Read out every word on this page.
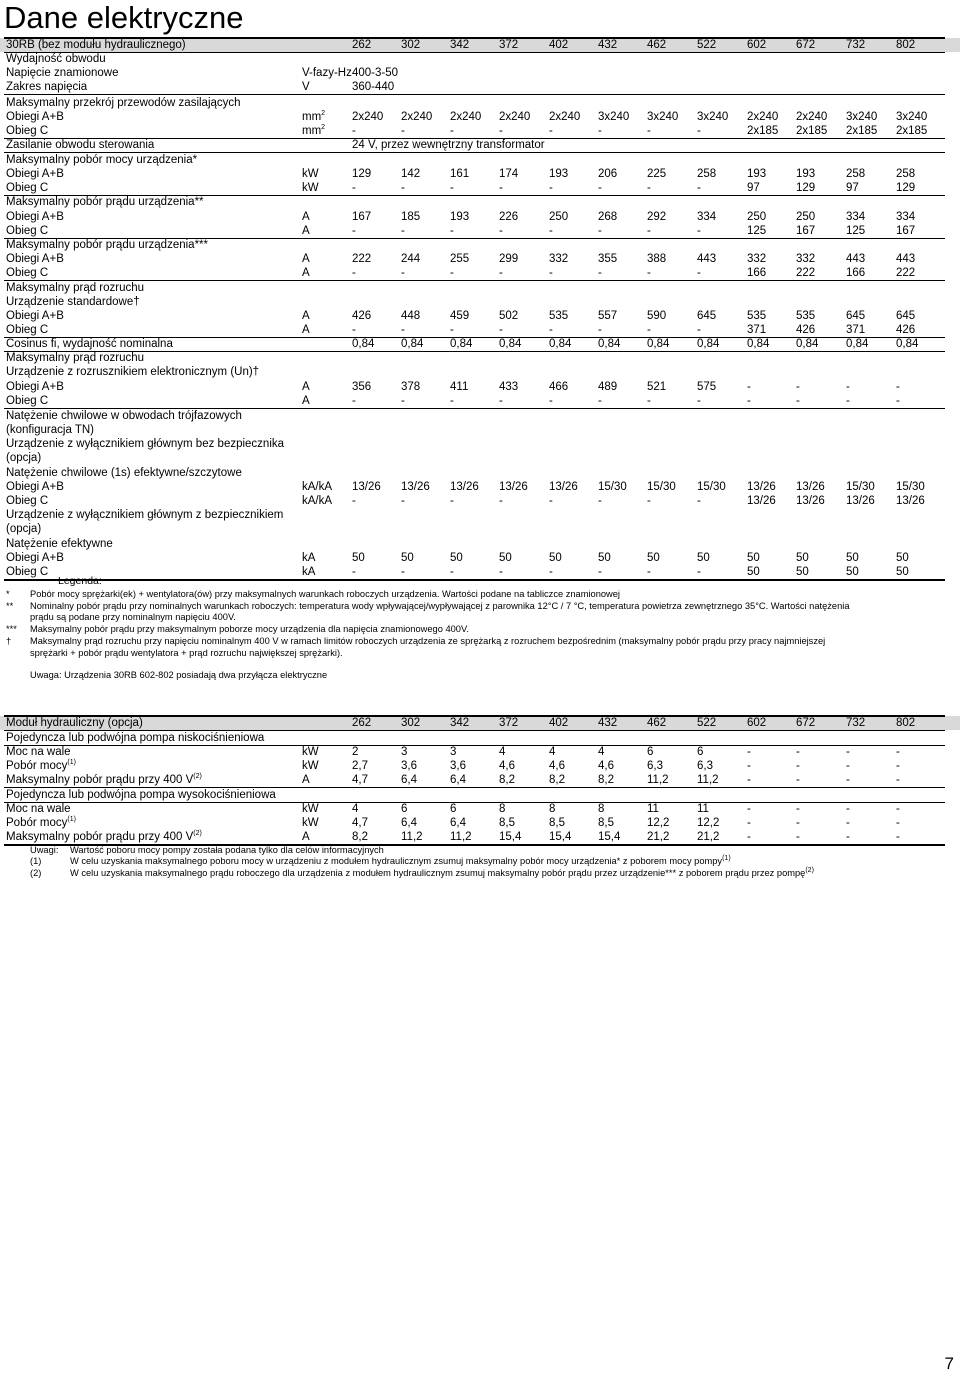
Dane elektryczne
30RB (bez modułu hydraulicznego)	262	302	342	372	402	432	462	522	602	672	732	802
Wydajność obwodu
Napięcie znamionowe	V-fazy-Hz 400-3-50
Zakres napięcia	V	360-440
Maksymalny przekrój przewodów zasilających
Obiegi A+B	$mm^2$ 2x240 2x240 2x240 2x240 2x240 3x240 3x240 3x240 2x240 2x240 3x240 3x240
Obieg C	$mm^2$ -	-	-	-	-	-	-	-	2x185 2x185 2x185 2x185
Zasilanie obwodu sterowania	24 V, przez wewnętrzny transformator
Maksymalny pobór mocy urządzenia*
Obiegi A+B	kW	129	142	161	174	193	206	225	258	193	193	258	258
Obieg C	kW	-	-	-	-	-	-	-	-	97	129	97	129
Maksymalny pobór prądu urządzenia**
Obiegi A+B	A	167	185	193	226	250	268	292	334	250	250	334	334
Obieg C	A	-	-	-	-	-	-	-	-	125	167	125	167
Maksymalny pobór prądu urządzenia***
Obiegi A+B	A	222	244	255	299	332	355	388	443	332	332	443	443
Obieg C	A	-	-	-	-	-	-	-	-	166	222	166	222
Maksymalny prąd rozruchu
Urządzenie standardowe†
Obiegi A+B	A	426	448	459	502	535	557	590	645	535	535	645	645
Obieg C	A	-	-	-	-	-	-	-	-	371	426	371	426
Cosinus fi, wydajność nominalna	0,84 0,84 0,84 0,84 0,84 0,84 0,84 0,84 0,84 0,84 0,84 0,84
Maksymalny prąd rozruchu
Urządzenie z rozrusznikiem elektronicznym (Un)†
Obiegi A+B	A	356	378	411	433	466	489	521	575	-	-	-	-
Obieg C	A	-	-	-	-	-	-	-	-	-	-	-	-
Natężenie chwilowe w obwodach trójfazowych
(konfiguracja TN)
Urządzenie z wyłącznikiem głównym bez bezpiecznika
(opcja)
Natężenie chwilowe (1s) efektywne/szczytowe
Obiegi A+B	kA/kA 13/26 13/26 13/26 13/26 13/26 15/30 15/30 15/30 13/26 13/26 15/30 15/30
Obieg C	kA/kA -	-	-	-	-	-	-	-	13/26 13/26 13/26 13/26
Urządzenie z wyłącznikiem głównym z bezpiecznikiem
(opcja)
Natężenie efektywne
Obiegi A+B	kA	50	50	50	50	50	50	50	50	50	50	50	50
Obieg C	kA	-	-	-	-	-	-	-	-	50	50	50	50
Legenda:
* Pobór mocy sprężarki(ek) + wentylatora(ów) przy maksymalnych warunkach roboczych urządzenia. Wartości podane na tabliczce znamionowej
** Nominalny pobór prądu przy nominalnych warunkach roboczych: temperatura wody wpływającej/wypływającej z parownika 12°C / 7 °C, temperatura powietrza zewnętrznego 35°C. Wartości natężenia
prądu są podane przy nominalnym napięciu 400V.
*** Maksymalny pobór prądu przy maksymalnym poborze mocy urządzenia dla napięcia znamionowego 400V.
† Maksymalny prąd rozruchu przy napięciu nominalnym 400 V w ramach limitów roboczych urządzenia ze sprężarką z rozruchem bezpośrednim (maksymalny pobór prądu przy pracy najmniejszej
sprężarki + pobór prądu wentylatora + prąd rozruchu największej sprężarki).
Uwaga: Urządzenia 30RB 602-802 posiadają dwa przyłącza elektryczne
Moduł hydrauliczny (opcja)	262	302	342	372	402	432	462	522	602	672	732	802
Pojedyncza lub podwójna pompa niskociśnieniowa
Moc na wale	kW	2	3	3	4	4	4	6	6	-	-	-	-
Pobór mocy$^{(1)}$	kW	2,7	3,6	3,6	4,6	4,6	4,6	6,3	6,3	-	-	-	-
Maksymalny pobór prądu przy 400 $V^{(2)}$	A	4,7	6,4	6,4	8,2	8,2	8,2	11,2 11,2 -	-	-	-
Pojedyncza lub podwójna pompa wysokociśnieniowa
Moc na wale	kW	4	6	6	8	8	8	11	11	-	-	-	-
Pobór mocy$^{(1)}$	kW	4,7	6,4	6,4	8,5	8,5	8,5	12,2 12,2 -	-	-	-
Maksymalny pobór prądu przy 400 $V^{(2)}$	A	8,2	11,2 11,2 15,4 15,4 15,4 21,2 21,2 -	-	-	-
Uwagi: Wartość poboru mocy pompy została podana tylko dla celów informacyjnych
(1)	W celu uzyskania maksymalnego poboru mocy w urządzeniu z modułem hydraulicznym zsumuj maksymalny pobór mocy urządzenia* z poborem mocy pompy$^{(1)}$
(2)	W celu uzyskania maksymalnego prądu roboczego dla urządzenia z modułem hydraulicznym zsumuj maksymalny pobór prądu przez urządzenie*** z poborem prądu przez pompę$^{(2)}$
7
